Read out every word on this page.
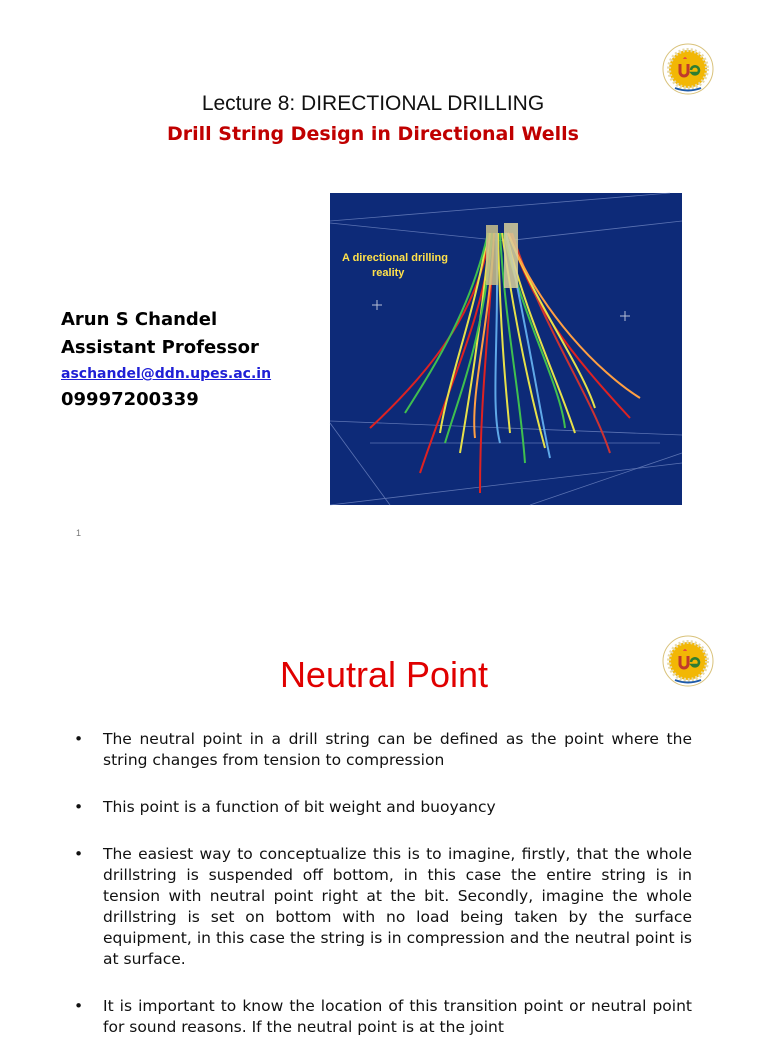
Lecture 8: DIRECTIONAL DRILLING
Drill String Design in Directional Wells
Arun S Chandel
Assistant Professor
aschandel@ddn.upes.ac.in
09997200339
A directional drilling
reality
1
Neutral Point
• The neutral point in a drill string can be defined as the point where the string changes from tension to compression
• This point is a function of bit weight and buoyancy
• The easiest way to conceptualize this is to imagine, firstly, that the whole drillstring is suspended off bottom, in this case the entire string is in tension with neutral point right at the bit. Secondly, imagine the whole drillstring is set on bottom with no load being taken by the surface equipment, in this case the string is in compression and the neutral point is at surface.
• It is important to know the location of this transition point or neutral point for sound reasons. If the neutral point is at the joint
